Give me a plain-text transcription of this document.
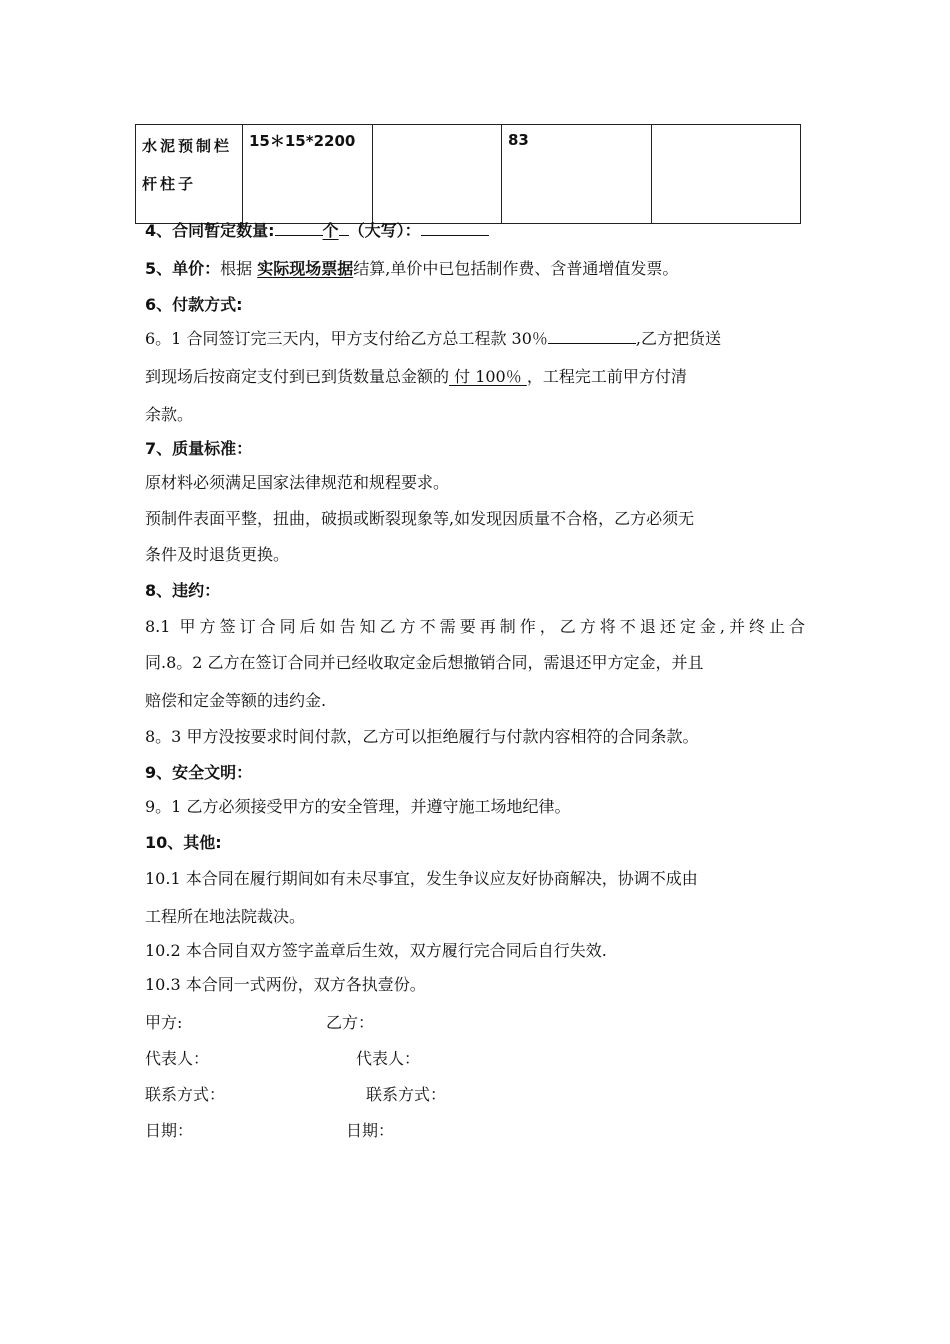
水泥预制栏杆柱子	15＊15*2200		83	
4、合同暂定数量:	个 （大写）：
5、单价：根据 实际现场票据结算,单价中已包括制作费、含普通增值发票。
6、付款方式:
6。1 合同签订完三天内，甲方支付给乙方总工程款 30％	,乙方把货送
到现场后按商定支付到已到货数量总金额的 付 100％ ，工程完工前甲方付清
余款。
7、质量标准：
原材料必须满足国家法律规范和规程要求。
预制件表面平整，扭曲，破损或断裂现象等,如发现因质量不合格，乙方必须无
条件及时退货更换。
8、违约：
8.1 甲方签订合同后如告知乙方不需要再制作，乙方将不退还定金,并终止合
同.8。2 乙方在签订合同并已经收取定金后想撤销合同，需退还甲方定金，并且
赔偿和定金等额的违约金.
8。3 甲方没按要求时间付款，乙方可以拒绝履行与付款内容相符的合同条款。
9、安全文明：
9。1 乙方必须接受甲方的安全管理，并遵守施工场地纪律。
10、其他:
10.1 本合同在履行期间如有未尽事宜，发生争议应友好协商解决，协调不成由
工程所在地法院裁决。
10.2 本合同自双方签字盖章后生效，双方履行完合同后自行失效.
10.3 本合同一式两份，双方各执壹份。
甲方:	乙方：
代表人：	代表人：
联系方式：	联系方式：
日期：	日期：
